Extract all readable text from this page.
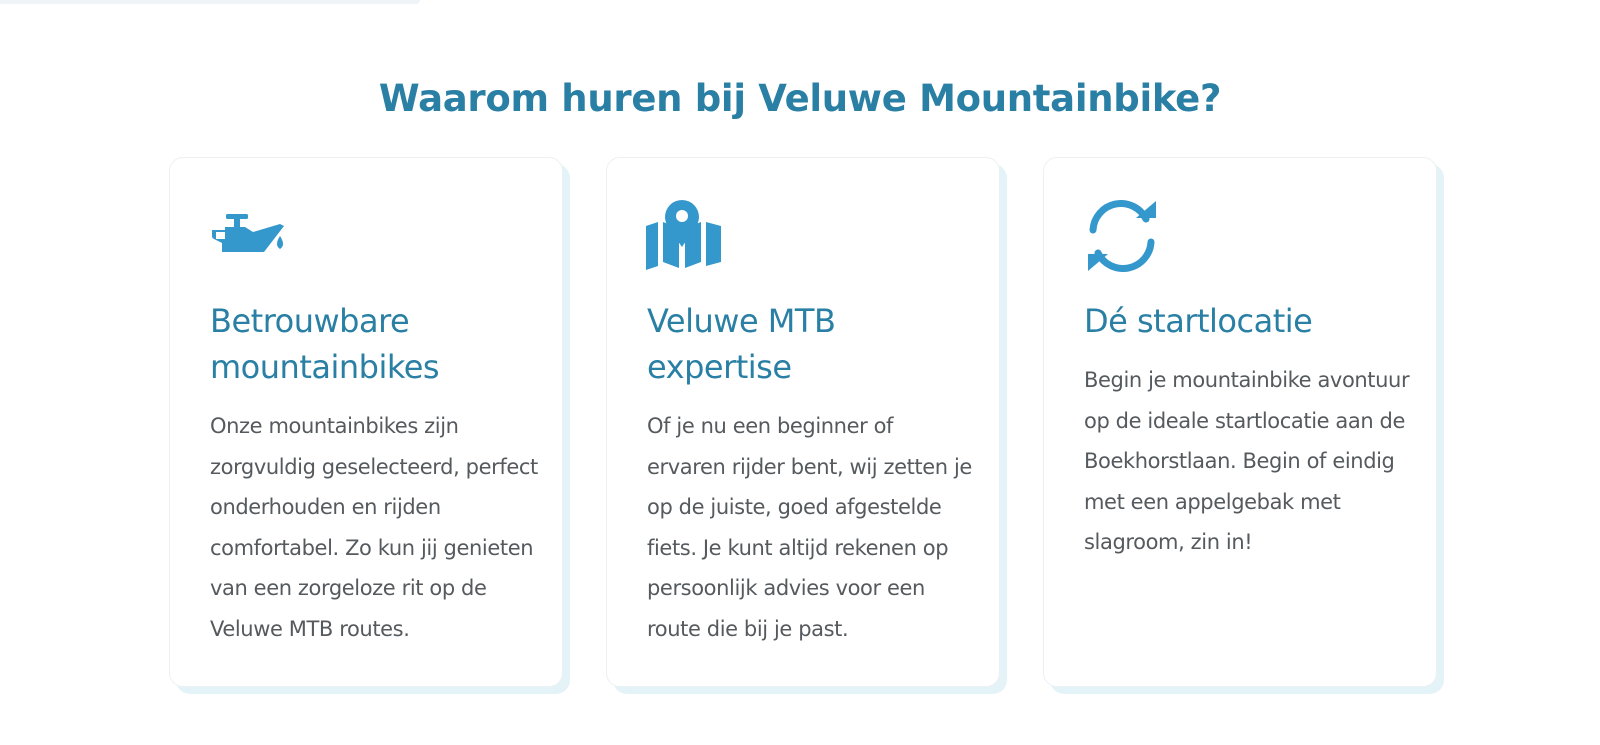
Waarom huren bij Veluwe Mountainbike?
Betrouwbare mountainbikes

Onze mountainbikes zijn zorgvuldig geselecteerd, perfect onderhouden en rijden comfortabel. Zo kun jij genieten van een zorgeloze rit op de Veluwe MTB routes.

Veluwe MTB expertise

Of je nu een beginner of ervaren rijder bent, wij zetten je op de juiste, goed afgestelde fiets. Je kunt altijd rekenen op persoonlijk advies voor een route die bij je past.

Dé startlocatie

Begin je mountainbike avontuur op de ideale startlocatie aan de Boekhorstlaan. Begin of eindig met een appelgebak met slagroom, zin in!
